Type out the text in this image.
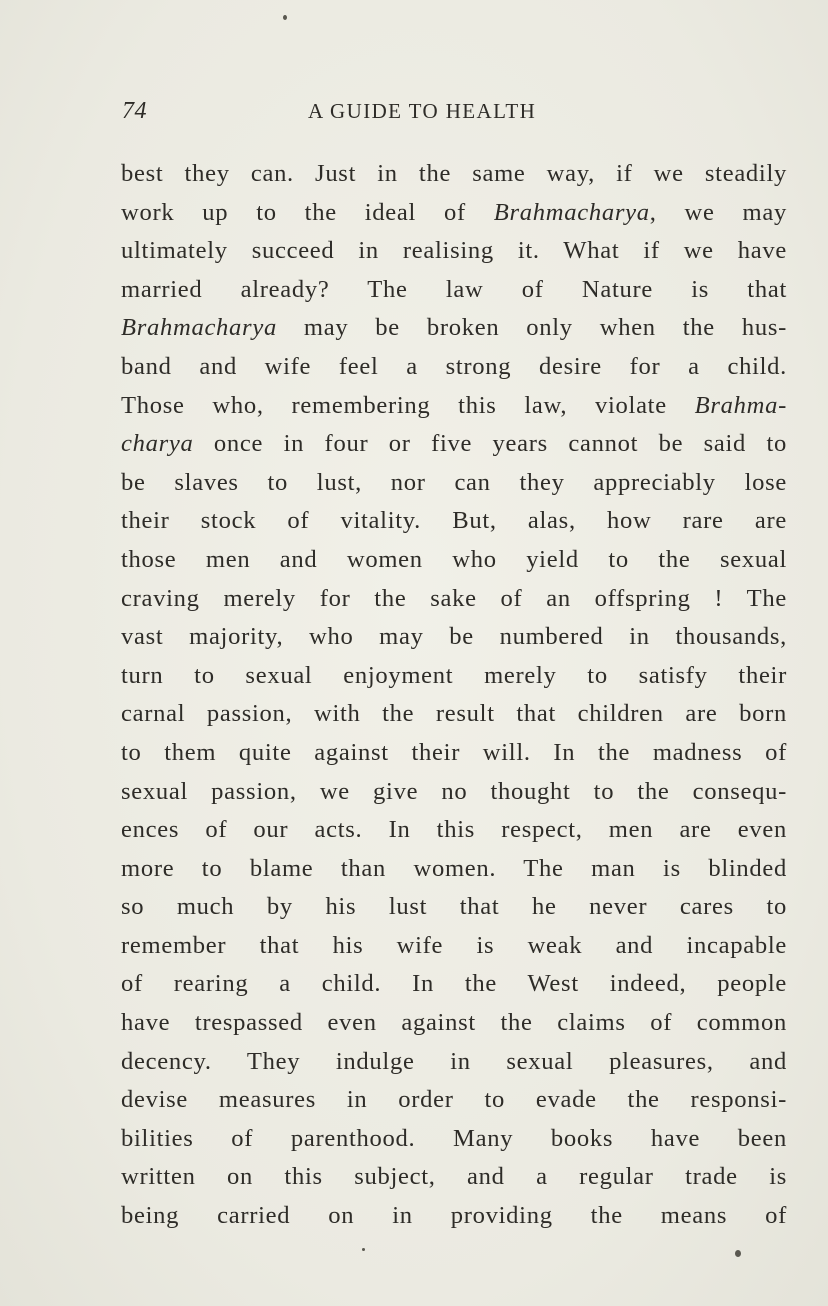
74	A GUIDE TO HEALTH
best they can. Just in the same way, if we steadily
work up to the ideal of Brahmacharya, we may
ultimately succeed in realising it. What if we have
married already? The law of Nature is that
Brahmacharya may be broken only when the hus-
band and wife feel a strong desire for a child.
Those who, remembering this law, violate Brahma-
charya once in four or five years cannot be said to
be slaves to lust, nor can they appreciably lose
their stock of vitality. But, alas, how rare are
those men and women who yield to the sexual
craving merely for the sake of an offspring ! The
vast majority, who may be numbered in thousands,
turn to sexual enjoyment merely to satisfy their
carnal passion, with the result that children are born
to them quite against their will. In the madness of
sexual passion, we give no thought to the consequ-
ences of our acts. In this respect, men are even
more to blame than women. The man is blinded
so much by his lust that he never cares to
remember that his wife is weak and incapable
of rearing a child. In the West indeed, people
have trespassed even against the claims of common
decency. They indulge in sexual pleasures, and
devise measures in order to evade the responsi-
bilities of parenthood. Many books have been
written on this subject, and a regular trade is
being carried on in providing the means of
